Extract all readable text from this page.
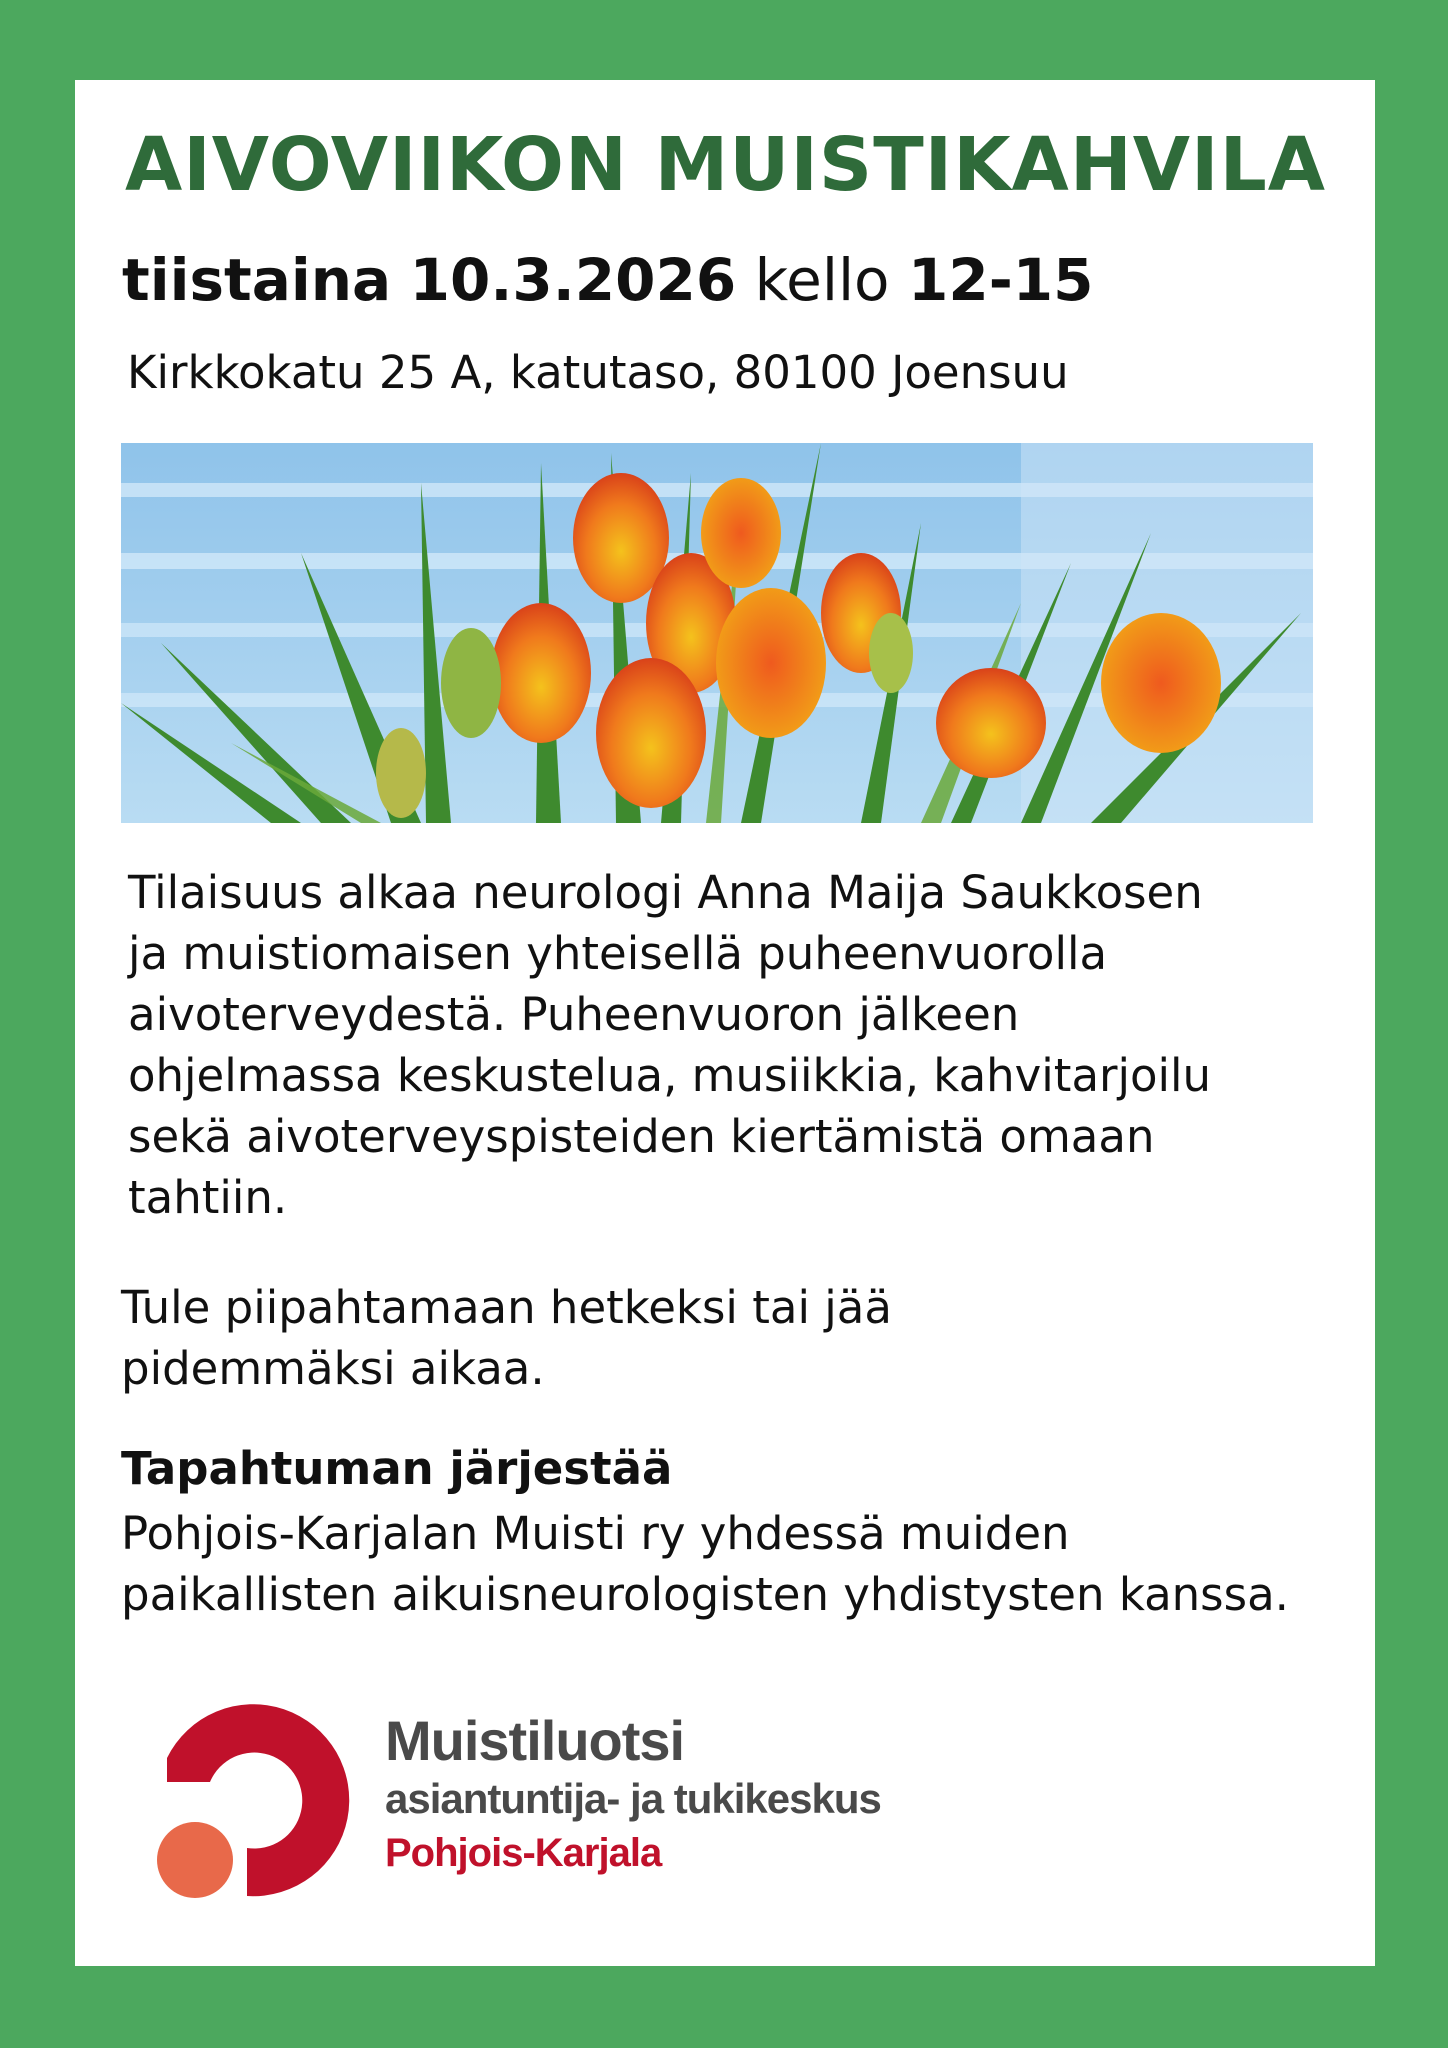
AIVOVIIKON MUISTIKAHVILA

tiistaina 10.3.2026 kello 12-15

Kirkkokatu 25 A, katutaso, 80100 Joensuu

Tilaisuus alkaa neurologi Anna Maija Saukkosen
ja muistiomaisen yhteisellä puheenvuorolla
aivoterveydestä. Puheenvuoron jälkeen
ohjelmassa keskustelua, musiikkia, kahvitarjoilu
sekä aivoterveyspisteiden kiertämistä omaan
tahtiin.

Tule piipahtamaan hetkeksi tai jää
pidemmäksi aikaa.

Tapahtuman järjestää

Pohjois-Karjalan Muisti ry yhdessä muiden
paikallisten aikuisneurologisten yhdistysten kanssa.

Muistiluotsi
asiantuntija- ja tukikeskus
Pohjois-Karjala
